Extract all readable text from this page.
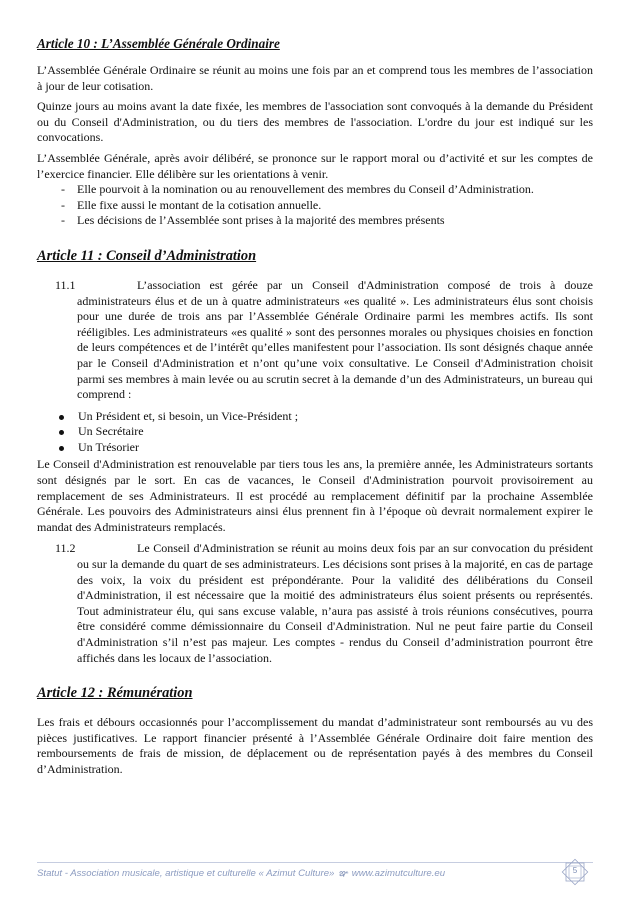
Article 10 : L’Assemblée Générale Ordinaire

L’Assemblée Générale Ordinaire se réunit au moins une fois par an et comprend tous les membres de l’association à jour de leur cotisation.

Quinze jours au moins avant la date fixée, les membres de l'association sont convoqués à la demande du Président ou du Conseil d'Administration, ou du tiers des membres de l'association. L'ordre du jour est indiqué sur les convocations.

L’Assemblée Générale, après avoir délibéré, se prononce sur le rapport moral ou d’activité et sur les comptes de l’exercice financier. Elle délibère sur les orientations à venir.

- Elle pourvoit à la nomination ou au renouvellement des membres du Conseil d’Administration.
- Elle fixe aussi le montant de la cotisation annuelle.
- Les décisions de l’Assemblée sont prises à la majorité des membres présents
Article 11 : Conseil d’Administration
11.1	L’association est gérée par un Conseil d'Administration composé de trois à douze administrateurs élus et de un à quatre administrateurs «es qualité ». Les administrateurs élus sont choisis pour une durée de trois ans par l’Assemblée Générale Ordinaire parmi les membres actifs. Ils sont rééligibles. Les administrateurs «es qualité » sont des personnes morales ou physiques choisies en fonction de leurs compétences et de l’intérêt qu’elles manifestent pour l’association. Ils sont désignés chaque année par le Conseil d'Administration et n’ont qu’une voix consultative. Le Conseil d'Administration choisit parmi ses membres à main levée ou au scrutin secret à la demande d’un des Administrateurs, un bureau qui comprend :
Un Président et, si besoin, un Vice-Président ;
Un Secrétaire
Un Trésorier

Le Conseil d'Administration est renouvelable par tiers tous les ans, la première année, les Administrateurs sortants sont désignés par le sort. En cas de vacances, le Conseil d'Administration pourvoit provisoirement au remplacement de ses Administrateurs. Il est procédé au remplacement définitif par la prochaine Assemblée Générale. Les pouvoirs des Administrateurs ainsi élus prennent fin à l’époque où devrait normalement expirer le mandat des Administrateurs remplacés.

11.2	Le Conseil d'Administration se réunit au moins deux fois par an sur convocation du président ou sur la demande du quart de ses administrateurs. Les décisions sont prises à la majorité, en cas de partage des voix, la voix du président est prépondérante. Pour la validité des délibérations du Conseil d'Administration, il est nécessaire que la moitié des administrateurs élus soient présents ou représentés. Tout administrateur élu, qui sans excuse valable, n’aura pas assisté à trois réunions consécutives, pourra être considéré comme démissionnaire du Conseil d'Administration. Nul ne peut faire partie du Conseil d'Administration s’il n’est pas majeur. Les comptes - rendus du Conseil d’administration pourront être affichés dans les locaux de l’association.
Article 12 : Rémunération

Les frais et débours occasionnés pour l’accomplissement du mandat d’administrateur sont remboursés au vu des pièces justificatives. Le rapport financier présenté à l’Assemblée Générale Ordinaire doit faire mention des remboursements de frais de mission, de déplacement ou de représentation payés à des membres du Conseil d’Administration.

Statut - Association musicale, artistique et culturelle « Azimut Culture» ఞ www.azimutculture.eu	5
